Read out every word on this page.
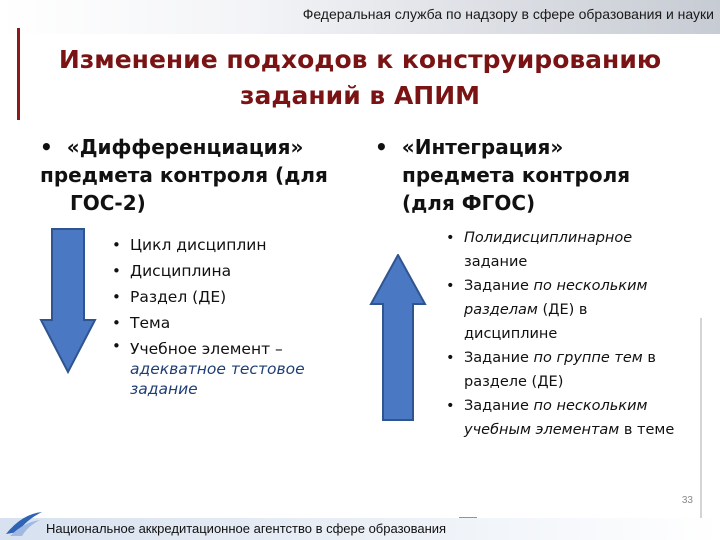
Федеральная служба по надзору в сфере образования и науки
Изменение подходов к конструированию
заданий в АПИМ
• «Дифференциация»
предмета контроля (для
ГОС-2)
• «Интеграция»
предмета контроля
(для ФГОС)
• Цикл дисциплин
• Дисциплина
• Раздел (ДЕ)
• Тема
• Учебное элемент – адекватное тестовое задание
• Полидисциплинарное задание
• Задание по нескольким разделам (ДЕ) в дисциплине
• Задание по группе тем в разделе (ДЕ)
• Задание по нескольким учебным элементам в теме
33
Национальное аккредитационное агентство в сфере образования
